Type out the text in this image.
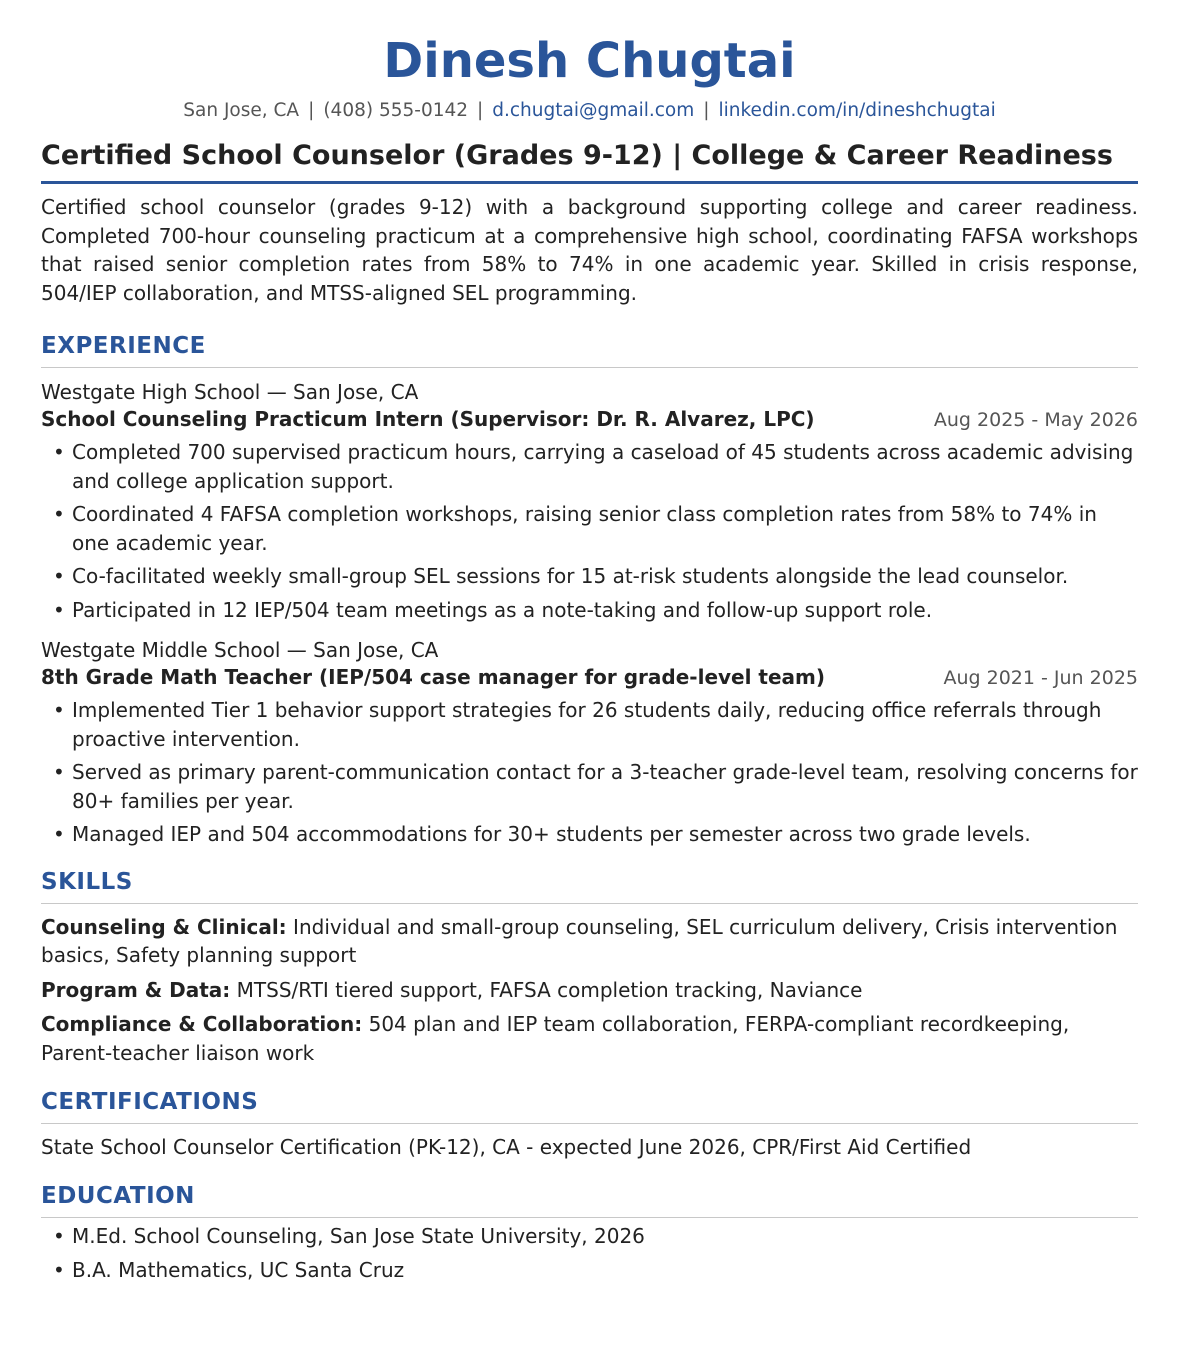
Dinesh Chugtai
San Jose, CA | (408) 555-0142 | d.chugtai@gmail.com | linkedin.com/in/dineshchugtai
Certified School Counselor (Grades 9-12) | College & Career Readiness
Certified school counselor (grades 9-12) with a background supporting college and career readiness. Completed 700-hour counseling practicum at a comprehensive high school, coordinating FAFSA workshops that raised senior completion rates from 58% to 74% in one academic year. Skilled in crisis response, 504/IEP collaboration, and MTSS-aligned SEL programming.
EXPERIENCE
Westgate High School — San Jose, CA
School Counseling Practicum Intern (Supervisor: Dr. R. Alvarez, LPC)	Aug 2025 - May 2026
• Completed 700 supervised practicum hours, carrying a caseload of 45 students across academic advising and college application support.
• Coordinated 4 FAFSA completion workshops, raising senior class completion rates from 58% to 74% in one academic year.
• Co-facilitated weekly small-group SEL sessions for 15 at-risk students alongside the lead counselor.
• Participated in 12 IEP/504 team meetings as a note-taking and follow-up support role.
Westgate Middle School — San Jose, CA
8th Grade Math Teacher (IEP/504 case manager for grade-level team)	Aug 2021 - Jun 2025
• Implemented Tier 1 behavior support strategies for 26 students daily, reducing office referrals through proactive intervention.
• Served as primary parent-communication contact for a 3-teacher grade-level team, resolving concerns for 80+ families per year.
• Managed IEP and 504 accommodations for 30+ students per semester across two grade levels.
SKILLS
Counseling & Clinical: Individual and small-group counseling, SEL curriculum delivery, Crisis intervention basics, Safety planning support
Program & Data: MTSS/RTI tiered support, FAFSA completion tracking, Naviance
Compliance & Collaboration: 504 plan and IEP team collaboration, FERPA-compliant recordkeeping, Parent-teacher liaison work
CERTIFICATIONS
State School Counselor Certification (PK-12), CA - expected June 2026, CPR/First Aid Certified
EDUCATION
• M.Ed. School Counseling, San Jose State University, 2026
• B.A. Mathematics, UC Santa Cruz
